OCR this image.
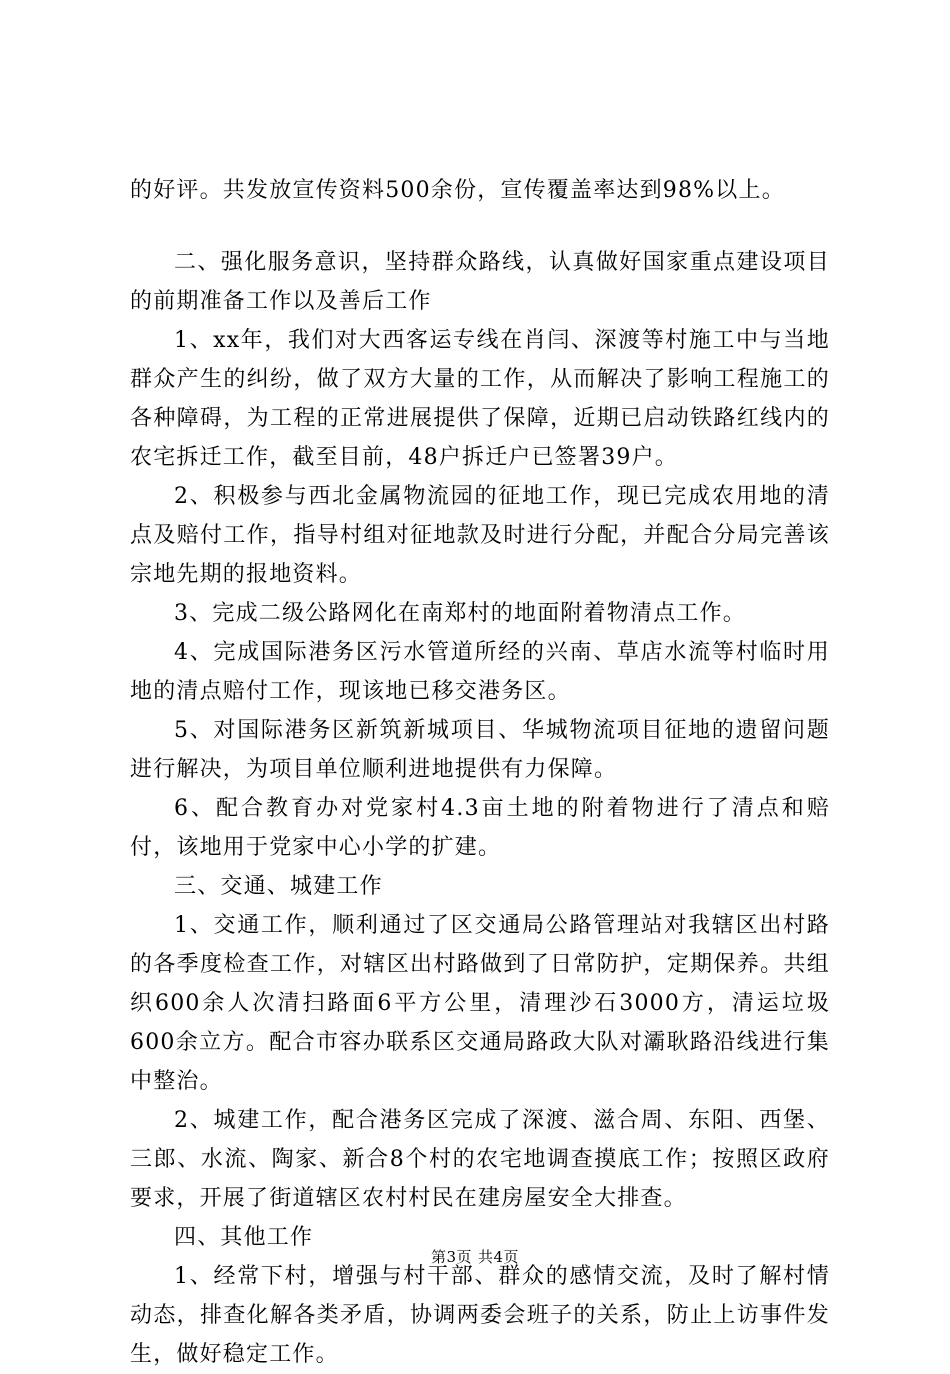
的好评。共发放宣传资料500余份，宣传覆盖率达到98%以上。

二、强化服务意识，坚持群众路线，认真做好国家重点建设项目的前期准备工作以及善后工作

1、xx年，我们对大西客运专线在肖闫、深渡等村施工中与当地群众产生的纠纷，做了双方大量的工作，从而解决了影响工程施工的各种障碍，为工程的正常进展提供了保障，近期已启动铁路红线内的农宅拆迁工作，截至目前，48户拆迁户已签署39户。

2、积极参与西北金属物流园的征地工作，现已完成农用地的清点及赔付工作，指导村组对征地款及时进行分配，并配合分局完善该宗地先期的报地资料。

3、完成二级公路网化在南郑村的地面附着物清点工作。

4、完成国际港务区污水管道所经的兴南、草店水流等村临时用地的清点赔付工作，现该地已移交港务区。

5、对国际港务区新筑新城项目、华城物流项目征地的遗留问题进行解决，为项目单位顺利进地提供有力保障。

6、配合教育办对党家村4.3亩土地的附着物进行了清点和赔付，该地用于党家中心小学的扩建。

三、交通、城建工作

1、交通工作，顺利通过了区交通局公路管理站对我辖区出村路的各季度检查工作，对辖区出村路做到了日常防护，定期保养。共组织600余人次清扫路面6平方公里，清理沙石3000方，清运垃圾600余立方。配合市容办联系区交通局路政大队对灞耿路沿线进行集中整治。

2、城建工作，配合港务区完成了深渡、滋合周、东阳、西堡、三郎、水流、陶家、新合8个村的农宅地调查摸底工作；按照区政府要求，开展了街道辖区农村村民在建房屋安全大排查。

四、其他工作

1、经常下村，增强与村干部、群众的感情交流，及时了解村情动态，排查化解各类矛盾，协调两委会班子的关系，防止上访事件发生，做好稳定工作。

第3页 共4页
